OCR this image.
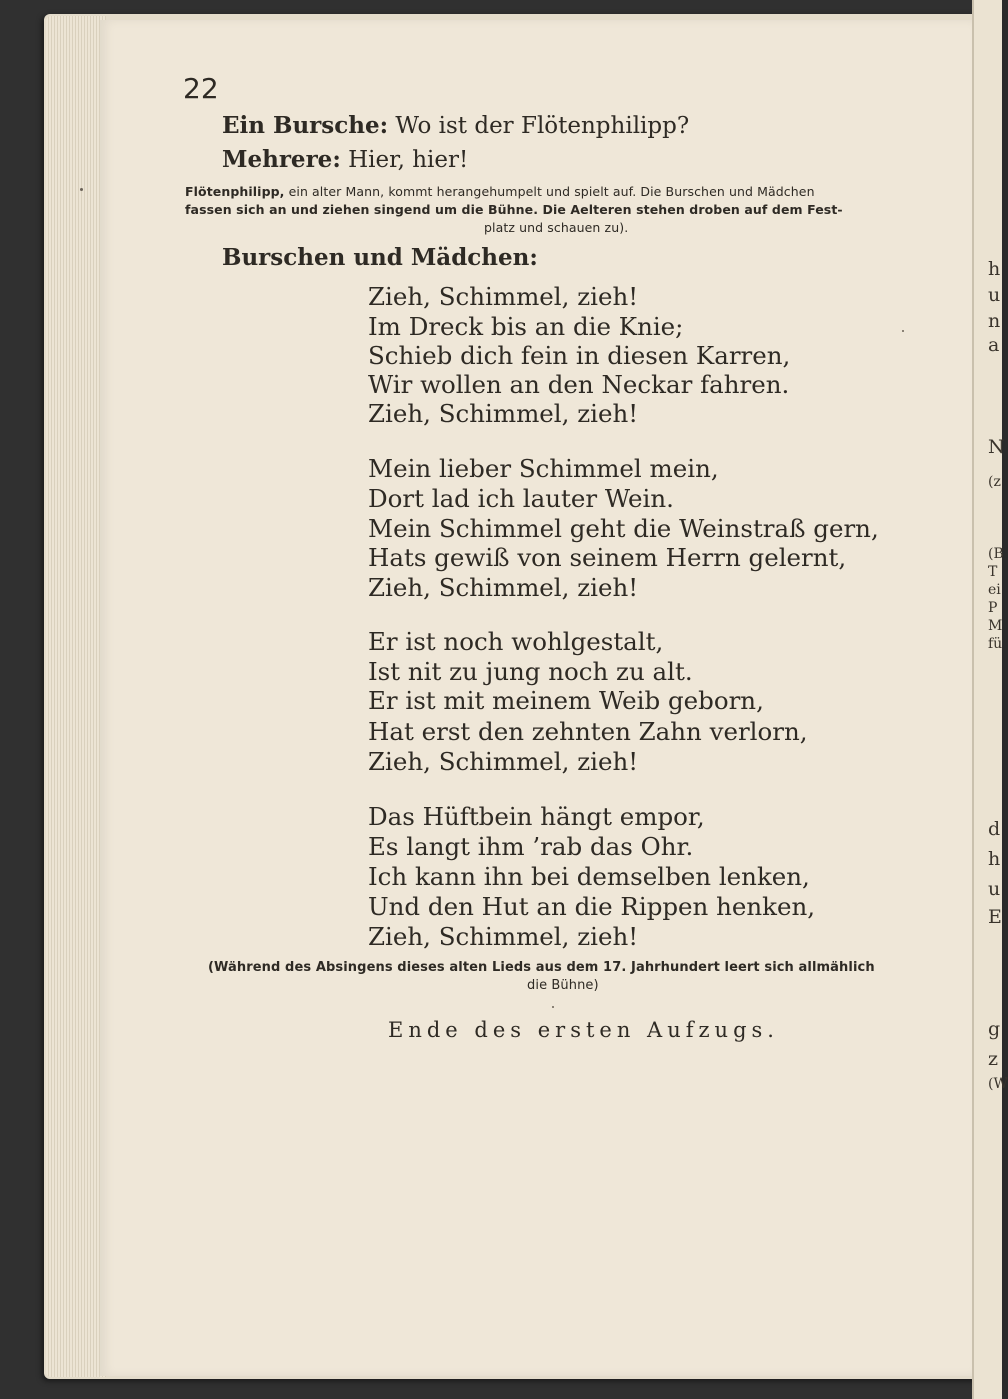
h
u
n
a
N
(z
(B
T
ei
P
M
fü
d
h
u
E
g
z
(W
22
Ein Bursche: Wo ist der Flötenphilipp?
Mehrere: Hier, hier!
Flötenphilipp, ein alter Mann, kommt herangehumpelt und spielt auf. Die Burschen und Mädchen
fassen sich an und ziehen singend um die Bühne. Die Aelteren stehen droben auf dem Fest-
platz und schauen zu).
Burschen und Mädchen:
Zieh, Schimmel, zieh!
Im Dreck bis an die Knie;
Schieb dich fein in diesen Karren,
Wir wollen an den Neckar fahren.
Zieh, Schimmel, zieh!
Mein lieber Schimmel mein,
Dort lad ich lauter Wein.
Mein Schimmel geht die Weinstraß gern,
Hats gewiß von seinem Herrn gelernt,
Zieh, Schimmel, zieh!
Er ist noch wohlgestalt,
Ist nit zu jung noch zu alt.
Er ist mit meinem Weib geborn,
Hat erst den zehnten Zahn verlorn,
Zieh, Schimmel, zieh!
Das Hüftbein hängt empor,
Es langt ihm ’rab das Ohr.
Ich kann ihn bei demselben lenken,
Und den Hut an die Rippen henken,
Zieh, Schimmel, zieh!
(Während des Absingens dieses alten Lieds aus dem 17. Jahrhundert leert sich allmählich
die Bühne)
Ende des ersten Aufzugs.
